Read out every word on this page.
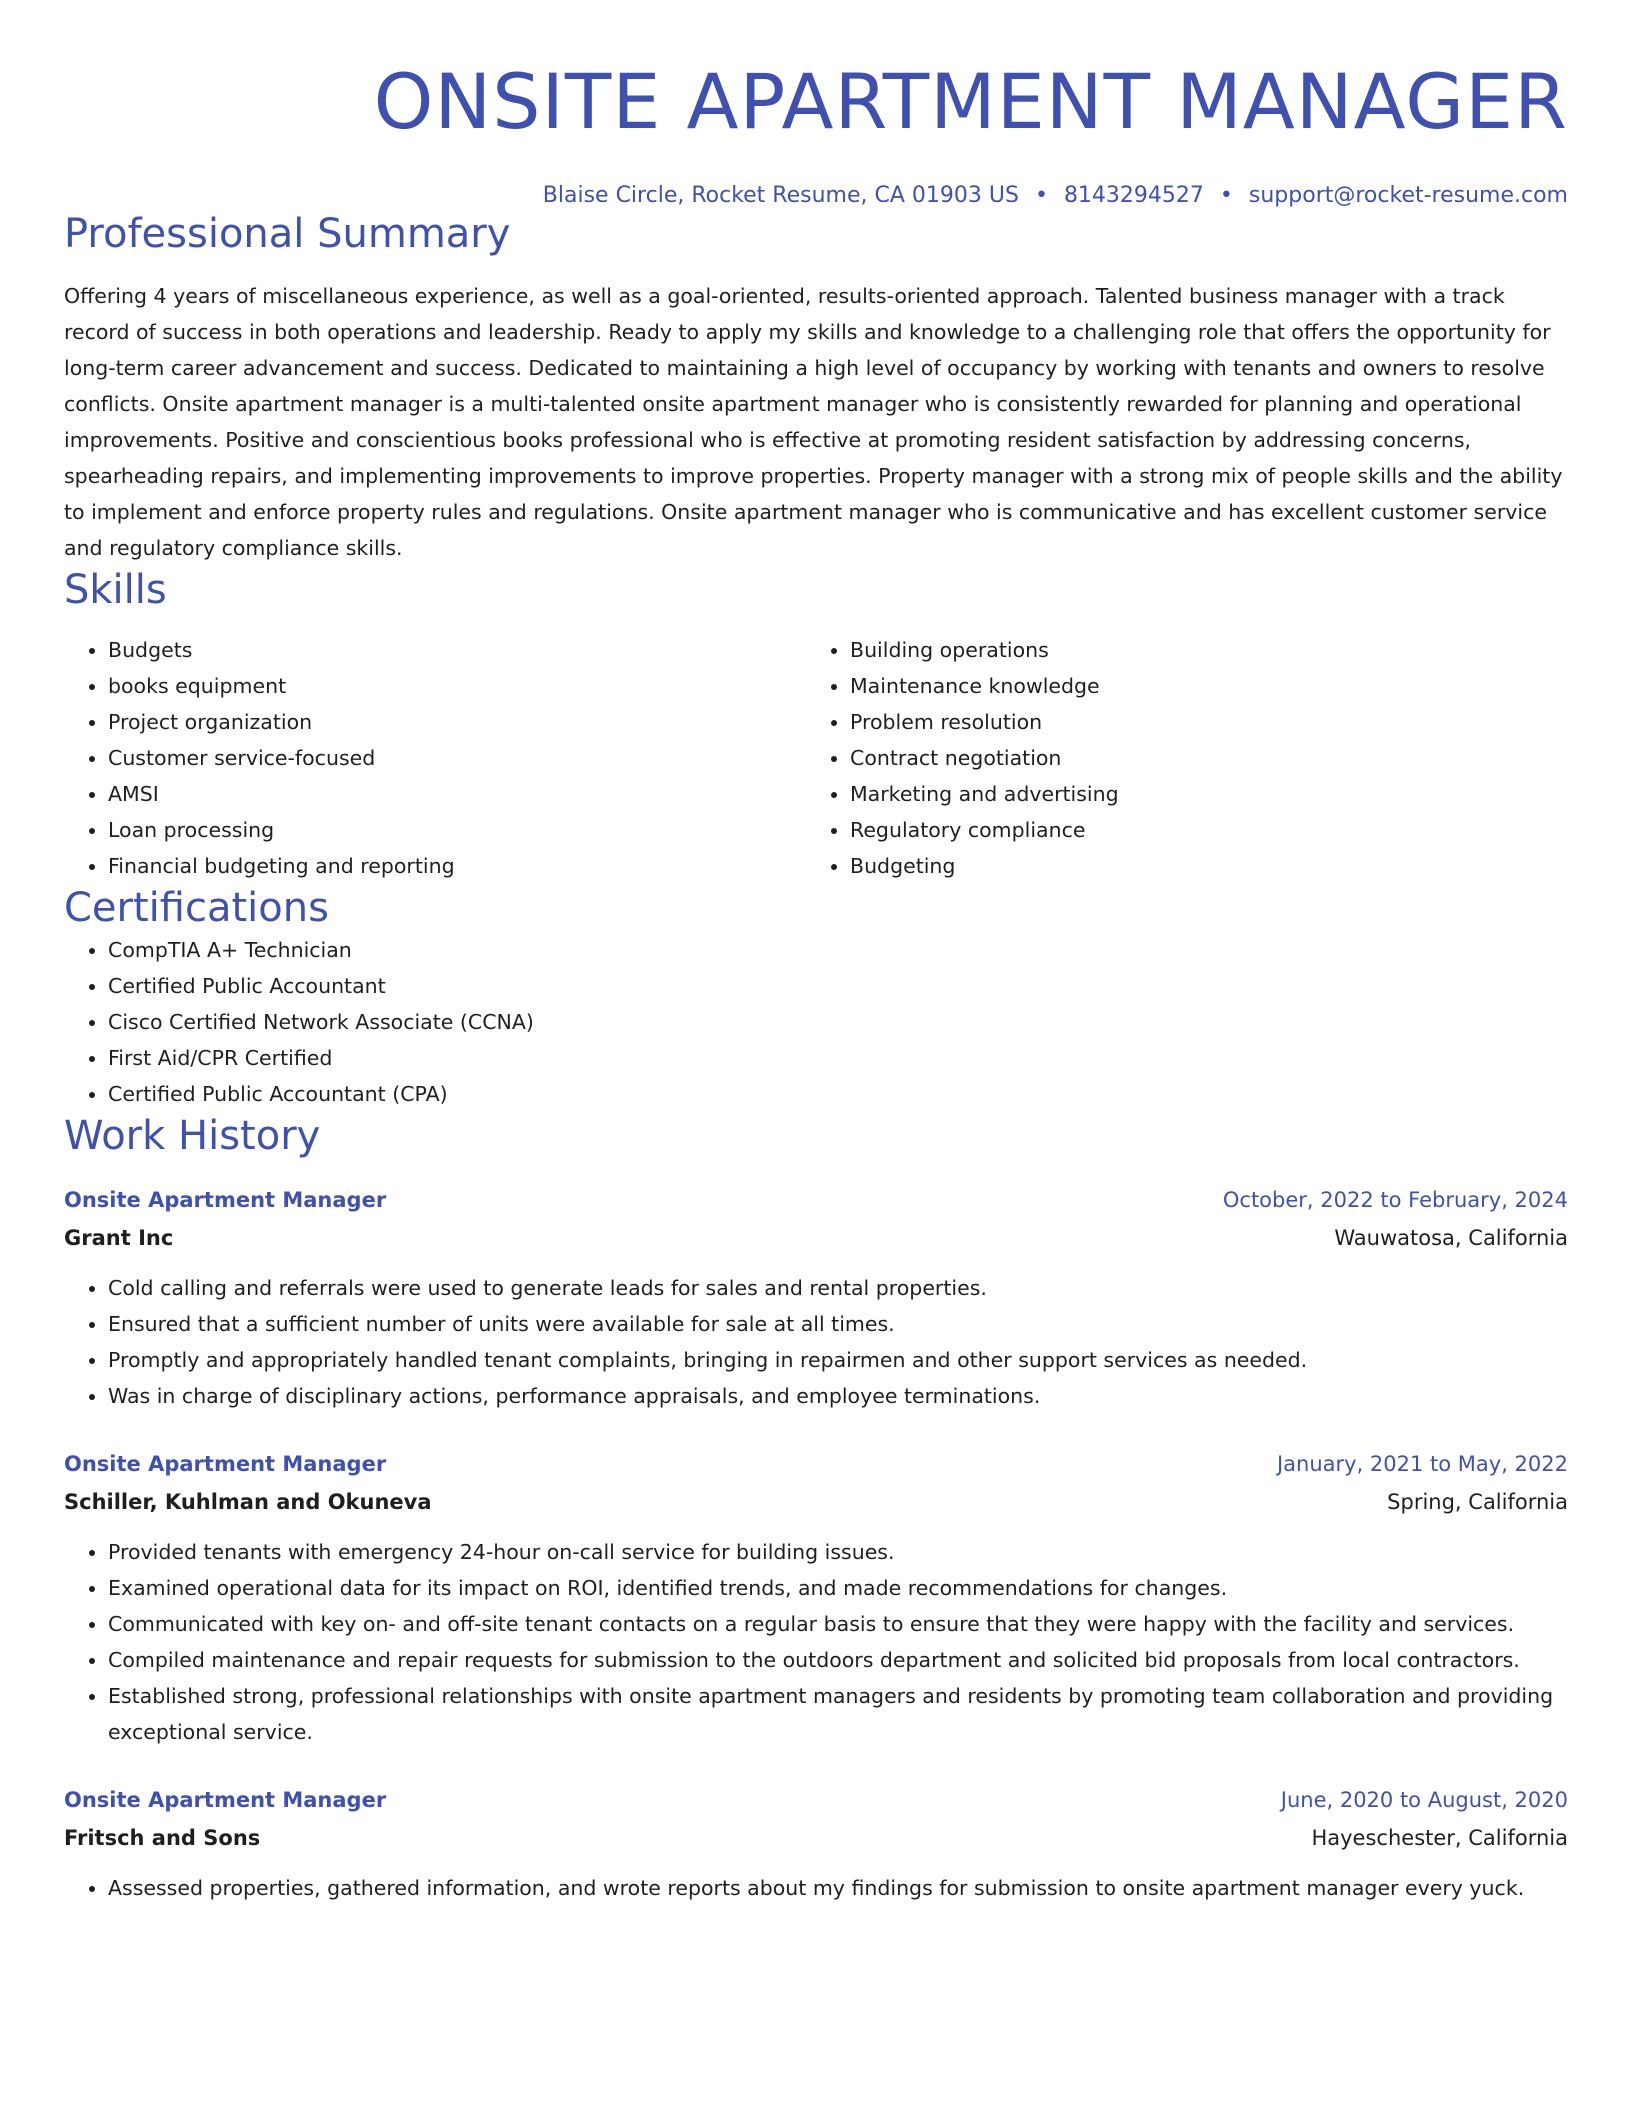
ONSITE APARTMENT MANAGER
Blaise Circle, Rocket Resume, CA 01903 US • 8143294527 • support@rocket-resume.com
Professional Summary

Offering 4 years of miscellaneous experience, as well as a goal-oriented, results-oriented approach. Talented business manager with a track record of success in both operations and leadership. Ready to apply my skills and knowledge to a challenging role that offers the opportunity for long-term career advancement and success. Dedicated to maintaining a high level of occupancy by working with tenants and owners to resolve conflicts. Onsite apartment manager is a multi-talented onsite apartment manager who is consistently rewarded for planning and operational improvements. Positive and conscientious books professional who is effective at promoting resident satisfaction by addressing concerns, spearheading repairs, and implementing improvements to improve properties. Property manager with a strong mix of people skills and the ability to implement and enforce property rules and regulations. Onsite apartment manager who is communicative and has excellent customer service and regulatory compliance skills.

Skills
• Budgets
• books equipment
• Project organization
• Customer service-focused
• AMSI
• Loan processing
• Financial budgeting and reporting
• Building operations
• Maintenance knowledge
• Problem resolution
• Contract negotiation
• Marketing and advertising
• Regulatory compliance
• Budgeting
Certifications
• CompTIA A+ Technician
• Certified Public Accountant
• Cisco Certified Network Associate (CCNA)
• First Aid/CPR Certified
• Certified Public Accountant (CPA)
Work History
Onsite Apartment Manager	October, 2022 to February, 2024
Grant Inc	Wauwatosa, California
• Cold calling and referrals were used to generate leads for sales and rental properties.
• Ensured that a sufficient number of units were available for sale at all times.
• Promptly and appropriately handled tenant complaints, bringing in repairmen and other support services as needed.
• Was in charge of disciplinary actions, performance appraisals, and employee terminations.
Onsite Apartment Manager	January, 2021 to May, 2022
Schiller, Kuhlman and Okuneva	Spring, California
• Provided tenants with emergency 24-hour on-call service for building issues.
• Examined operational data for its impact on ROI, identified trends, and made recommendations for changes.
• Communicated with key on- and off-site tenant contacts on a regular basis to ensure that they were happy with the facility and services.
• Compiled maintenance and repair requests for submission to the outdoors department and solicited bid proposals from local contractors.
• Established strong, professional relationships with onsite apartment managers and residents by promoting team collaboration and providing exceptional service.
Onsite Apartment Manager	June, 2020 to August, 2020
Fritsch and Sons	Hayeschester, California
• Assessed properties, gathered information, and wrote reports about my findings for submission to onsite apartment manager every yuck.
